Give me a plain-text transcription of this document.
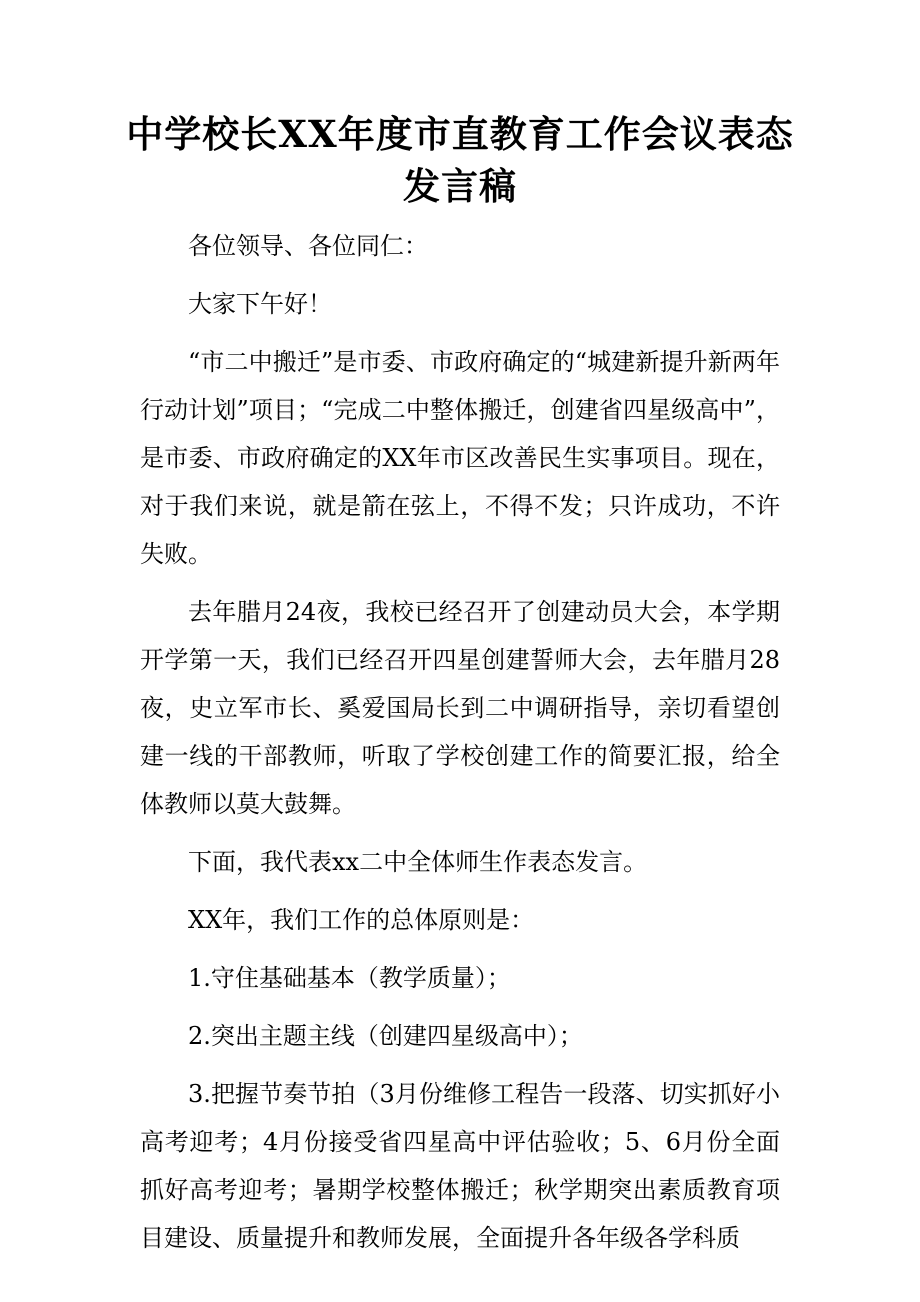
中学校长XX年度市直教育工作会议表态发言稿

各位领导、各位同仁：

大家下午好！

“市二中搬迁”是市委、市政府确定的“城建新提升新两年行动计划”项目；“完成二中整体搬迁，创建省四星级高中”，是市委、市政府确定的XX年市区改善民生实事项目。现在，对于我们来说，就是箭在弦上，不得不发；只许成功，不许失败。

去年腊月24夜，我校已经召开了创建动员大会，本学期开学第一天，我们已经召开四星创建誓师大会，去年腊月28夜，史立军市长、奚爱国局长到二中调研指导，亲切看望创建一线的干部教师，听取了学校创建工作的简要汇报，给全体教师以莫大鼓舞。

下面，我代表xx二中全体师生作表态发言。

XX年，我们工作的总体原则是：

1.守住基础基本（教学质量）；

2.突出主题主线（创建四星级高中）；

3.把握节奏节拍（3月份维修工程告一段落、切实抓好小高考迎考；4月份接受省四星高中评估验收；5、6月份全面抓好高考迎考；暑期学校整体搬迁；秋学期突出素质教育项目建设、质量提升和教师发展，全面提升各年级各学科质
